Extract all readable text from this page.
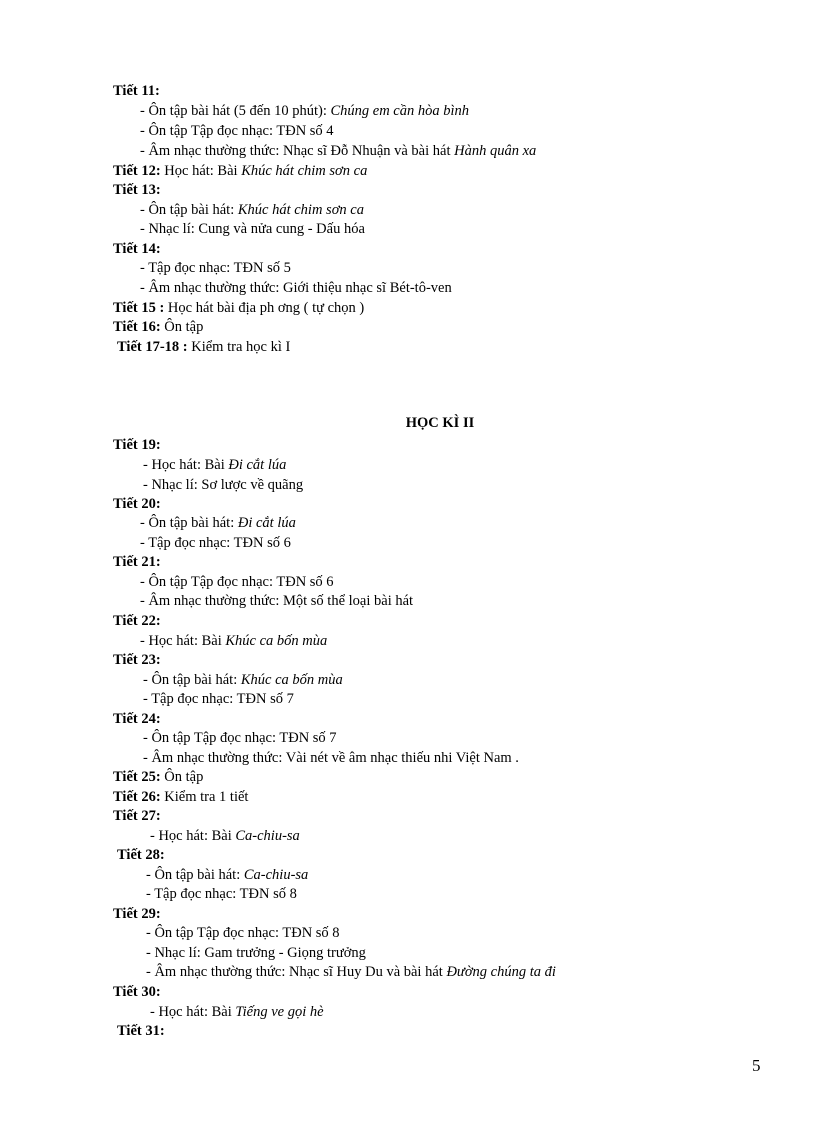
Tiết 11:
- Ôn tập bài hát (5 đến 10 phút): Chúng em cần hòa bình
- Ôn tập Tập đọc nhạc: TĐN số 4
- Âm nhạc thường thức: Nhạc sĩ Đỗ Nhuận và bài hát Hành quân xa
Tiết 12: Học hát: Bài Khúc hát chim sơn ca
Tiết 13:
- Ôn tập bài hát: Khúc hát chim sơn ca
- Nhạc lí: Cung và nửa cung - Dấu hóa
Tiết 14:
- Tập đọc nhạc: TĐN số 5
- Âm nhạc thường thức: Giới thiệu nhạc sĩ Bét-tô-ven
Tiết 15 : Học hát bài địa ph ơng ( tự chọn )
Tiết 16: Ôn tập
Tiết 17-18 : Kiểm tra học kì I
HỌC KÌ II
Tiết 19:
- Học hát: Bài Đi cắt lúa
- Nhạc lí: Sơ lược về quãng
Tiết 20:
- Ôn tập bài hát: Đi cắt lúa
- Tập đọc nhạc: TĐN số 6
Tiết 21:
- Ôn tập Tập đọc nhạc: TĐN số 6
- Âm nhạc thường thức: Một số thể loại bài hát
Tiết 22:
- Học hát: Bài Khúc ca bốn mùa
Tiết 23:
- Ôn tập bài hát: Khúc ca bốn mùa
- Tập đọc nhạc: TĐN số 7
Tiết 24:
- Ôn tập Tập đọc nhạc: TĐN số 7
- Âm nhạc thường thức: Vài nét về âm nhạc thiếu nhi Việt Nam .
Tiết 25: Ôn tập
Tiết 26: Kiểm tra 1 tiết
Tiết 27:
- Học hát: Bài Ca-chiu-sa
Tiết 28:
- Ôn tập bài hát: Ca-chiu-sa
- Tập đọc nhạc: TĐN số 8
Tiết 29:
- Ôn tập Tập đọc nhạc: TĐN số 8
- Nhạc lí: Gam trưởng - Giọng trưởng
- Âm nhạc thường thức: Nhạc sĩ Huy Du và bài hát Đường chúng ta đi
Tiết 30:
- Học hát: Bài Tiếng ve gọi hè
Tiết 31:
5
